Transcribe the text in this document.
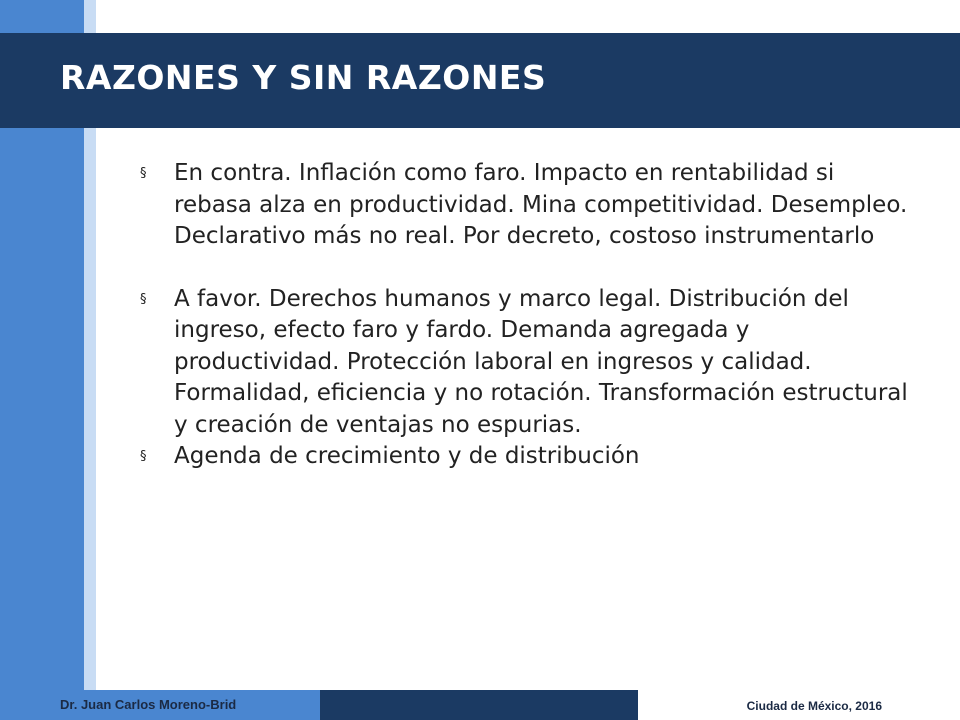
RAZONES Y SIN RAZONES
§	En contra. Inflación como faro. Impacto en rentabilidad si rebasa alza en productividad. Mina competitividad. Desempleo. Declarativo más no real. Por decreto, costoso instrumentarlo
§	A favor. Derechos humanos y marco legal. Distribución del ingreso, efecto faro y fardo. Demanda agregada y productividad. Protección laboral en ingresos y calidad. Formalidad, eficiencia y no rotación. Transformación estructural y creación de ventajas no espurias.
§	Agenda de crecimiento y de distribución
Dr. Juan Carlos Moreno-Brid	Ciudad de México, 2016
